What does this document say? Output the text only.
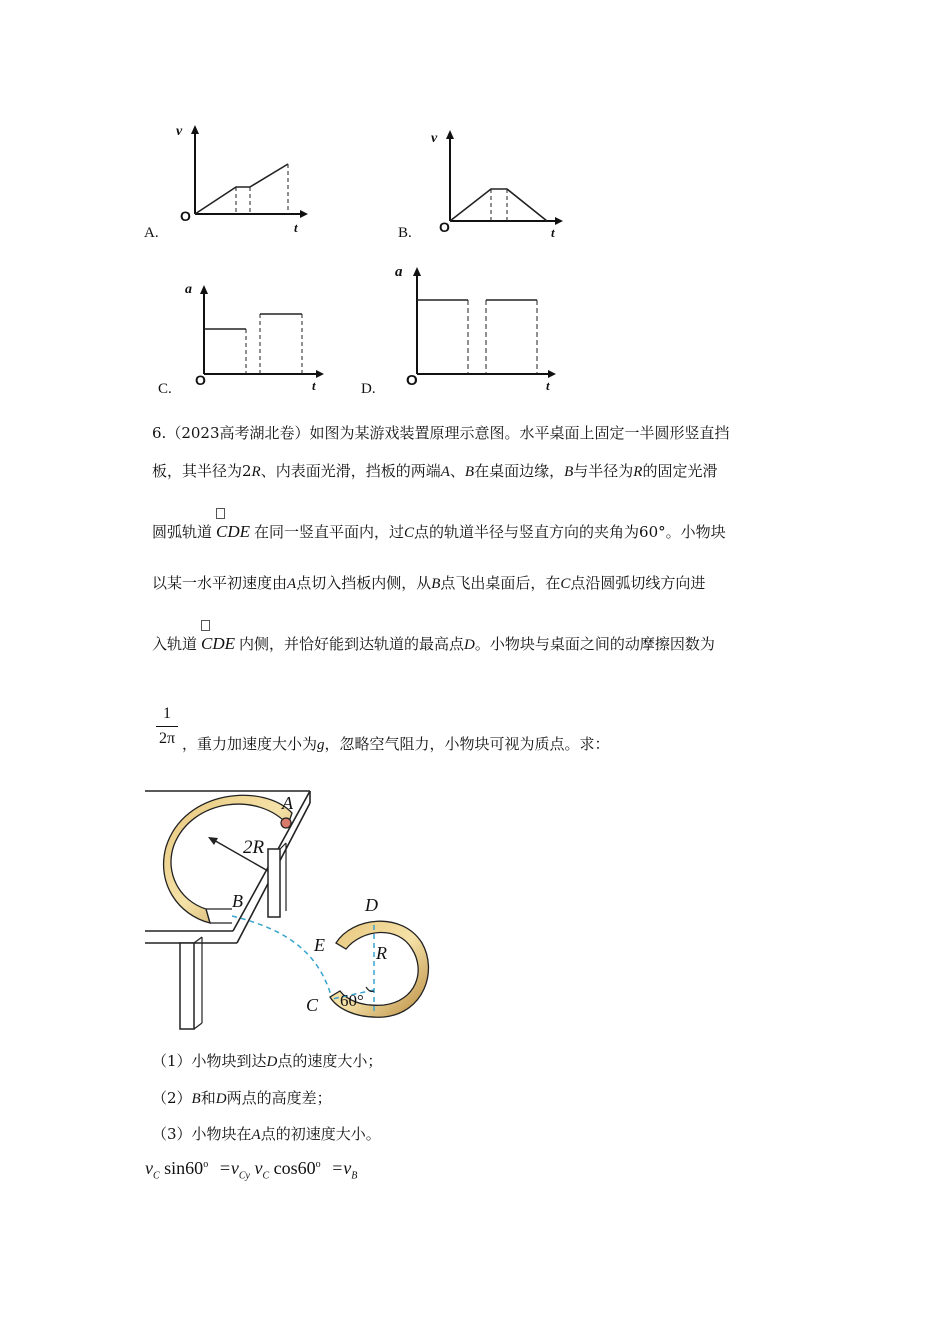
v
O
t
A.
v
O	t
B.
a
O	t
C.
a
O	t
D.
6.（2023高考湖北卷）如图为某游戏装置原理示意图。水平桌面上固定一半圆形竖直挡
板，其半径为2R、内表面光滑，挡板的两端A、B在桌面边缘，B与半径为R的固定光滑
圆弧轨道 CDE 在同一竖直平面内，过C点的轨道半径与竖直方向的夹角为60°。小物块
以某一水平初速度由A点切入挡板内侧，从B点飞出桌面后，在C点沿圆弧切线方向进
入轨道 CDE 内侧，并恰好能到达轨道的最高点D。小物块与桌面之间的动摩擦因数为
1
2π ，重力加速度大小为g，忽略空气阻力，小物块可视为质点。求：
A
2R
B	D
E	R
C 60°
（1）小物块到达D点的速度大小；
（2）B和D两点的高度差；
（3）小物块在A点的初速度大小。
$v_C$ $\sin 60^o =v_{Cy}$ $v_C$ $\cos 60^o =v_B$
